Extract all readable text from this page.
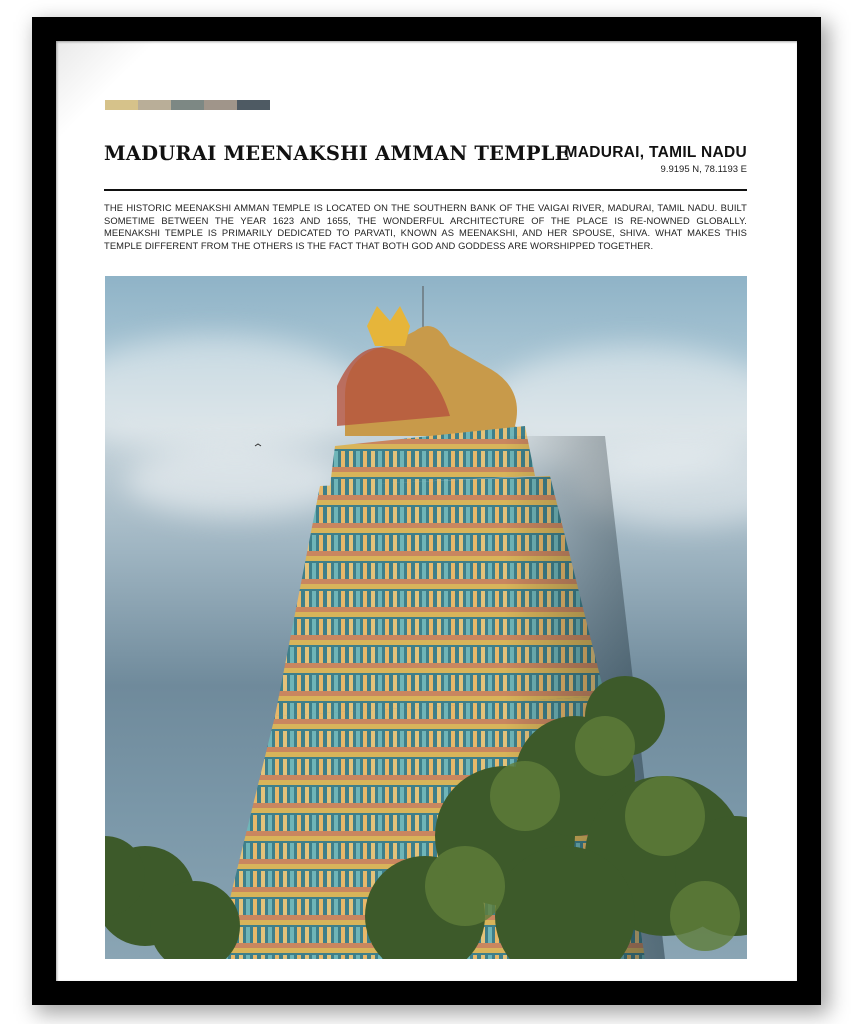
MADURAI MEENAKSHI AMMAN TEMPLE
MADURAI, TAMIL NADU
9.9195 N, 78.1193 E
THE HISTORIC MEENAKSHI AMMAN TEMPLE IS LOCATED ON THE SOUTHERN BANK OF THE VAIGAI RIVER, MADURAI, TAMIL NADU. BUILT SOMETIME BETWEEN THE YEAR 1623 AND 1655, THE WONDERFUL ARCHITECTURE OF THE PLACE IS RE-NOWNED GLOBALLY. MEENAKSHI TEMPLE IS PRIMARILY DEDICATED TO PARVATI, KNOWN AS MEENAKSHI, AND HER SPOUSE, SHIVA. WHAT MAKES THIS TEMPLE DIFFERENT FROM THE OTHERS IS THE FACT THAT BOTH GOD AND GODDESS ARE WORSHIPPED TOGETHER.
